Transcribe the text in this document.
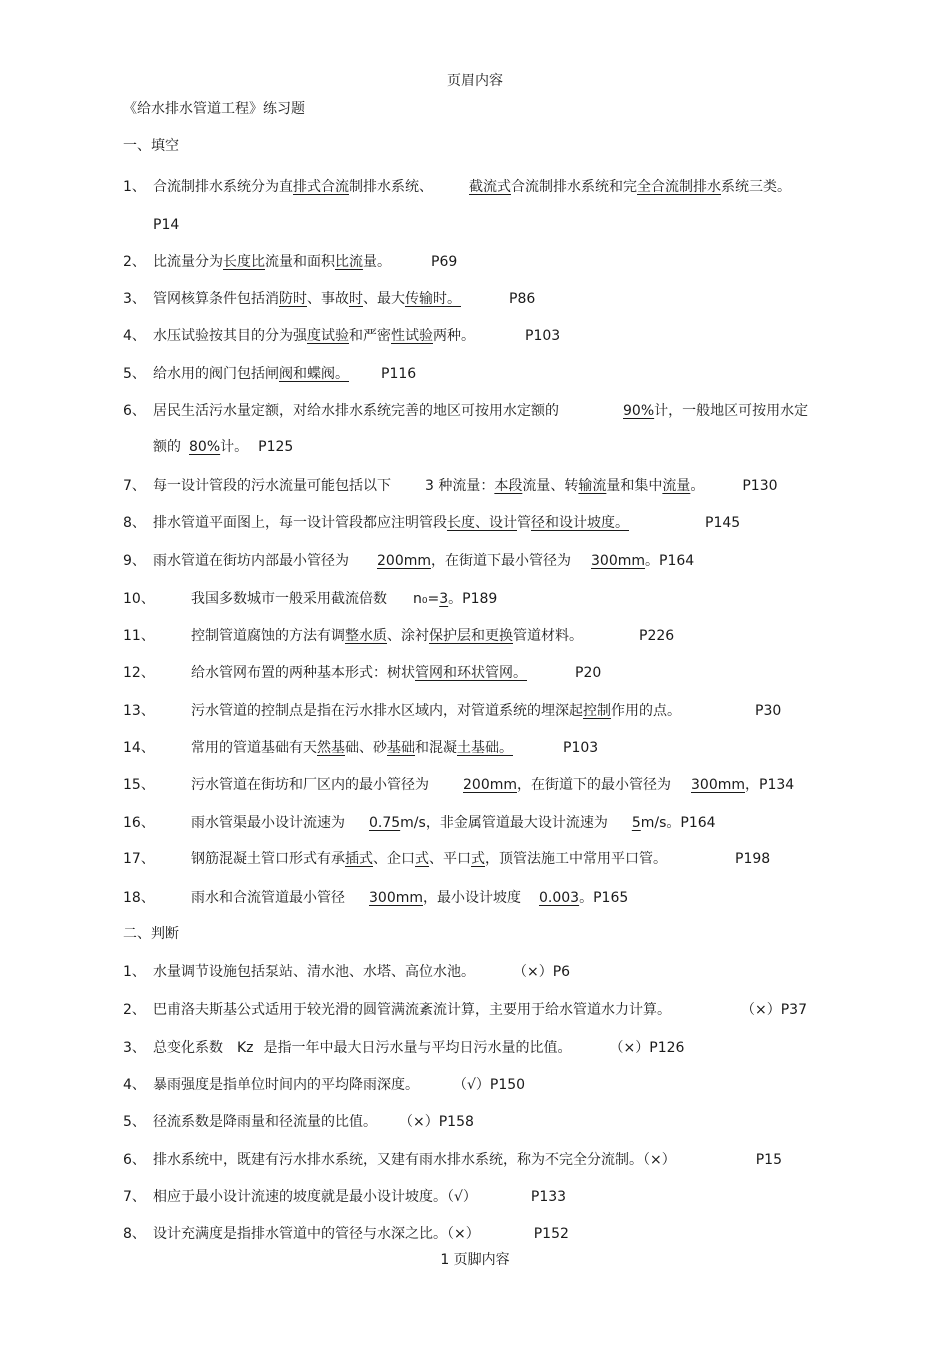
页眉内容
《给水排水管道工程》练习题
一、填空
1、 合流制排水系统分为直排式合流制排水系统、	截流式合流制排水系统和完全合流制排水系统三类。
P14
2、 比流量分为长度比流量和面积比流量。	P69
3、 管网核算条件包括消防时、事故时、最大传输时。	P86
4、 水压试验按其目的分为强度试验和严密性试验两种。	P103
5、 给水用的阀门包括闸阀和蝶阀。 P116
6、 居民生活污水量定额，对给水排水系统完善的地区可按用水定额的	90%计，一般地区可按用水定
额的 80%计。 P125
7、 每一设计管段的污水流量可能包括以下 3 种流量：本段流量、转输流量和集中流量。	P130
8、 排水管道平面图上，每一设计管段都应注明管段长度、设计管径和设计坡度。	P145
9、 雨水管道在街坊内部最小管径为 200mm，在街道下最小管径为 300mm。P164
10、	我国多数城市一般采用截流倍数 n₀=3。P189
11、	控制管道腐蚀的方法有调整水质、涂衬保护层和更换管道材料。	P226
12、	给水管网布置的两种基本形式：树状管网和环状管网。	P20
13、	污水管道的控制点是指在污水排水区域内，对管道系统的埋深起控制作用的点。	P30
14、	常用的管道基础有天然基础、砂基础和混凝土基础。	P103
15、	污水管道在街坊和厂区内的最小管径为 200mm，在街道下的最小管径为 300mm，P134
16、	雨水管渠最小设计流速为 0.75m/s，非金属管道最大设计流速为 5m/s。P164
17、	钢筋混凝土管口形式有承插式、企口式、平口式，顶管法施工中常用平口管。	P198
18、	雨水和合流管道最小管径 300mm，最小设计坡度 0.003。P165
二、判断
1、 水量调节设施包括泵站、清水池、水塔、高位水池。	（×）P6
2、 巴甫洛夫斯基公式适用于较光滑的圆管满流紊流计算，主要用于给水管道水力计算。	（×）P37
3、 总变化系数 Kz 是指一年中最大日污水量与平均日污水量的比值。	（×）P126
4、 暴雨强度是指单位时间内的平均降雨深度。 （√）P150
5、 径流系数是降雨量和径流量的比值。 （×）P158
6、 排水系统中，既建有污水排水系统，又建有雨水排水系统，称为不完全分流制。（×）	P15
7、 相应于最小设计流速的坡度就是最小设计坡度。（√）	P133
8、 设计充满度是指排水管道中的管径与水深之比。（×）	P152
1 页脚内容
